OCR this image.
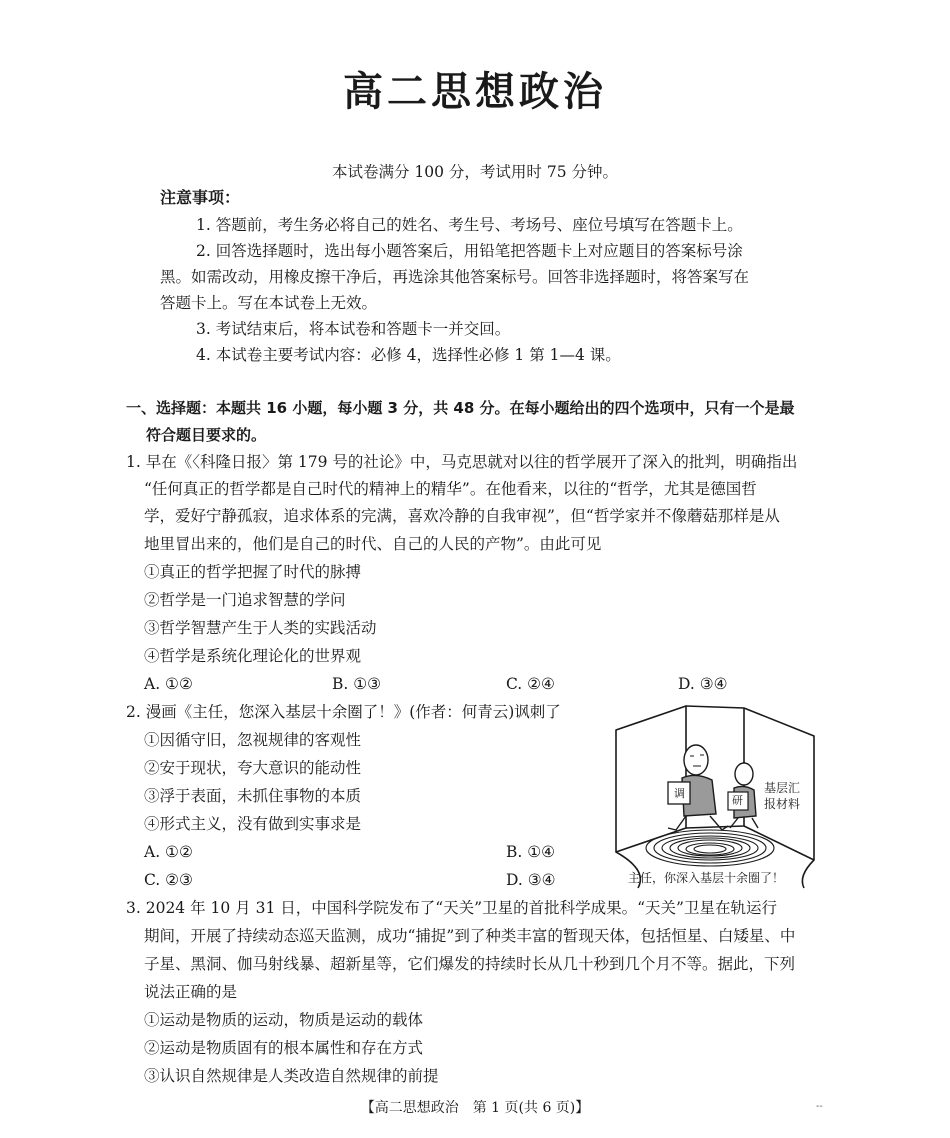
高二思想政治
本试卷满分 100 分，考试用时 75 分钟。
注意事项：
1. 答题前，考生务必将自己的姓名、考生号、考场号、座位号填写在答题卡上。
2. 回答选择题时，选出每小题答案后，用铅笔把答题卡上对应题目的答案标号涂
黑。如需改动，用橡皮擦干净后，再选涂其他答案标号。回答非选择题时，将答案写在
答题卡上。写在本试卷上无效。
3. 考试结束后，将本试卷和答题卡一并交回。
4. 本试卷主要考试内容：必修 4，选择性必修 1 第 1—4 课。
一、选择题：本题共 16 小题，每小题 3 分，共 48 分。在每小题给出的四个选项中，只有一个是最
符合题目要求的。
1. 早在《〈科隆日报〉第 179 号的社论》中，马克思就对以往的哲学展开了深入的批判，明确指出
“任何真正的哲学都是自己时代的精神上的精华”。在他看来，以往的“哲学，尤其是德国哲
学，爱好宁静孤寂，追求体系的完满，喜欢冷静的自我审视”，但“哲学家并不像蘑菇那样是从
地里冒出来的，他们是自己的时代、自己的人民的产物”。由此可见
①真正的哲学把握了时代的脉搏
②哲学是一门追求智慧的学问
③哲学智慧产生于人类的实践活动
④哲学是系统化理论化的世界观
A. ①②	B. ①③	C. ②④	D. ③④
2. 漫画《主任，您深入基层十余圈了！》(作者：何青云)讽刺了
①因循守旧，忽视规律的客观性
②安于现状，夸大意识的能动性
③浮于表面，未抓住事物的本质
④形式主义，没有做到实事求是
A. ①②	B. ①④
C. ②③	D. ③④
调
研
基层汇
报材料
主任，你深入基层十余圈了！
3. 2024 年 10 月 31 日，中国科学院发布了“天关”卫星的首批科学成果。“天关”卫星在轨运行
期间，开展了持续动态巡天监测，成功“捕捉”到了种类丰富的暂现天体，包括恒星、白矮星、中
子星、黑洞、伽马射线暴、超新星等，它们爆发的持续时长从几十秒到几个月不等。据此，下列
说法正确的是
①运动是物质的运动，物质是运动的载体
②运动是物质固有的根本属性和存在方式
③认识自然规律是人类改造自然规律的前提
【高二思想政治　第 1 页(共 6 页)】	--
